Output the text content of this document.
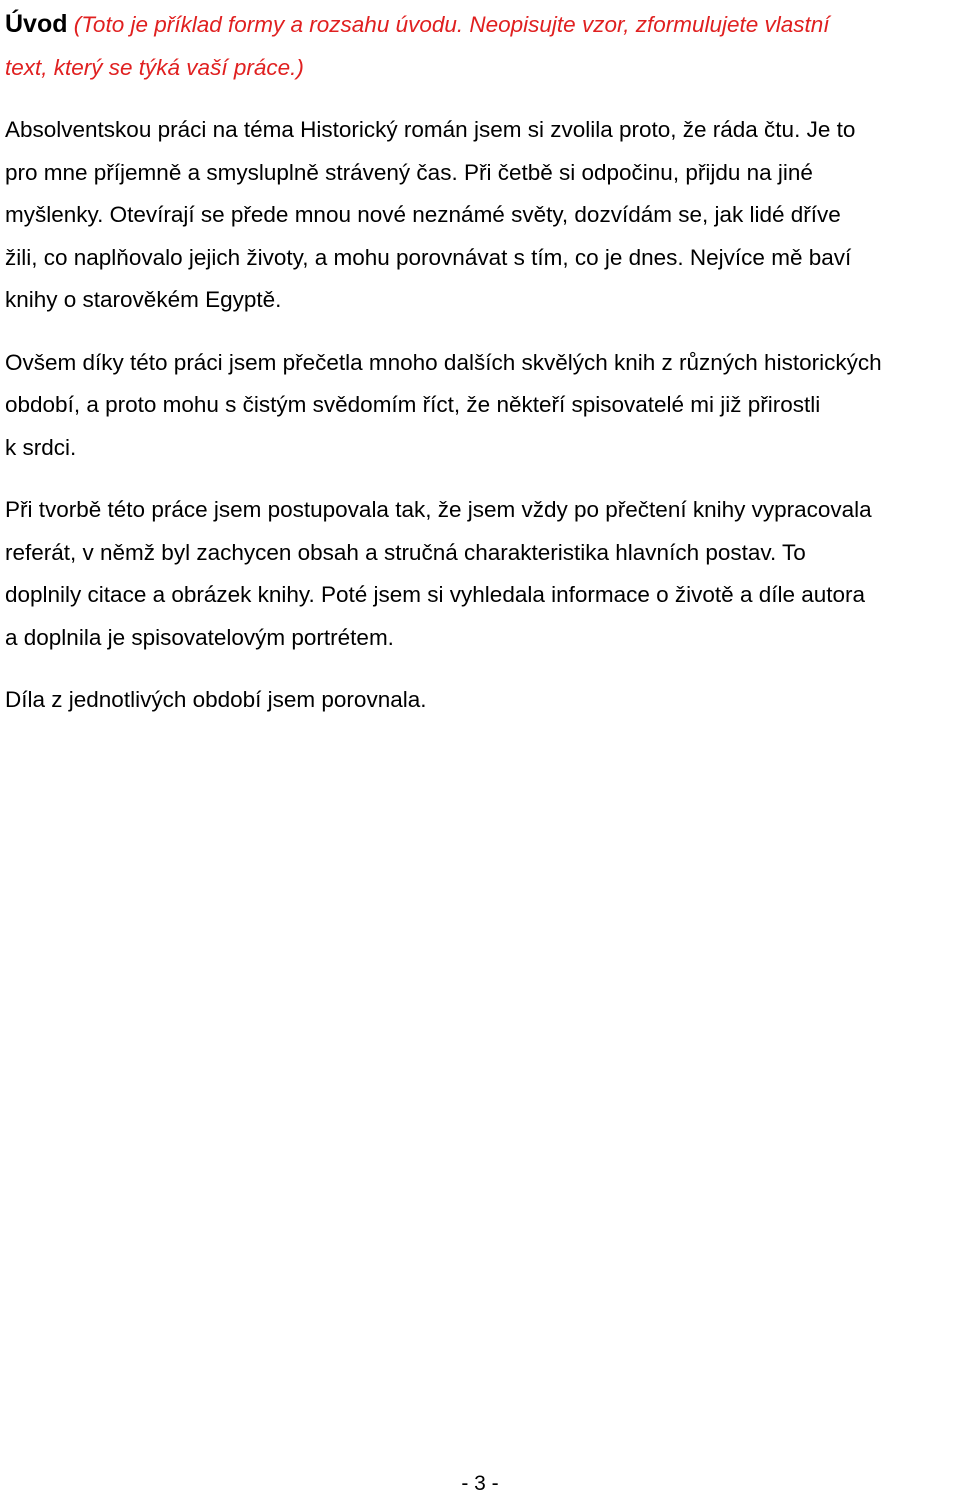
Úvod (Toto je příklad formy a rozsahu úvodu. Neopisujte vzor, zformulujete vlastní
text, který se týká vaší práce.)

Absolventskou práci na téma Historický román jsem si zvolila proto, že ráda čtu. Je to
pro mne příjemně a smysluplně strávený čas. Při četbě si odpočinu, přijdu na jiné
myšlenky. Otevírají se přede mnou nové neznámé světy, dozvídám se, jak lidé dříve
žili, co naplňovalo jejich životy, a mohu porovnávat s tím, co je dnes. Nejvíce mě baví
knihy o starověkém Egyptě.

Ovšem díky této práci jsem přečetla mnoho dalších skvělých knih z různých historických
období, a proto mohu s čistým svědomím říct, že někteří spisovatelé mi již přirostli
k srdci.

Při tvorbě této práce jsem postupovala tak, že jsem vždy po přečtení knihy vypracovala
referát, v němž byl zachycen obsah a stručná charakteristika hlavních postav. To
doplnily citace a obrázek knihy. Poté jsem si vyhledala informace o životě a díle autora
a doplnila je spisovatelovým portrétem.

Díla z jednotlivých období jsem porovnala.

- 3 -
